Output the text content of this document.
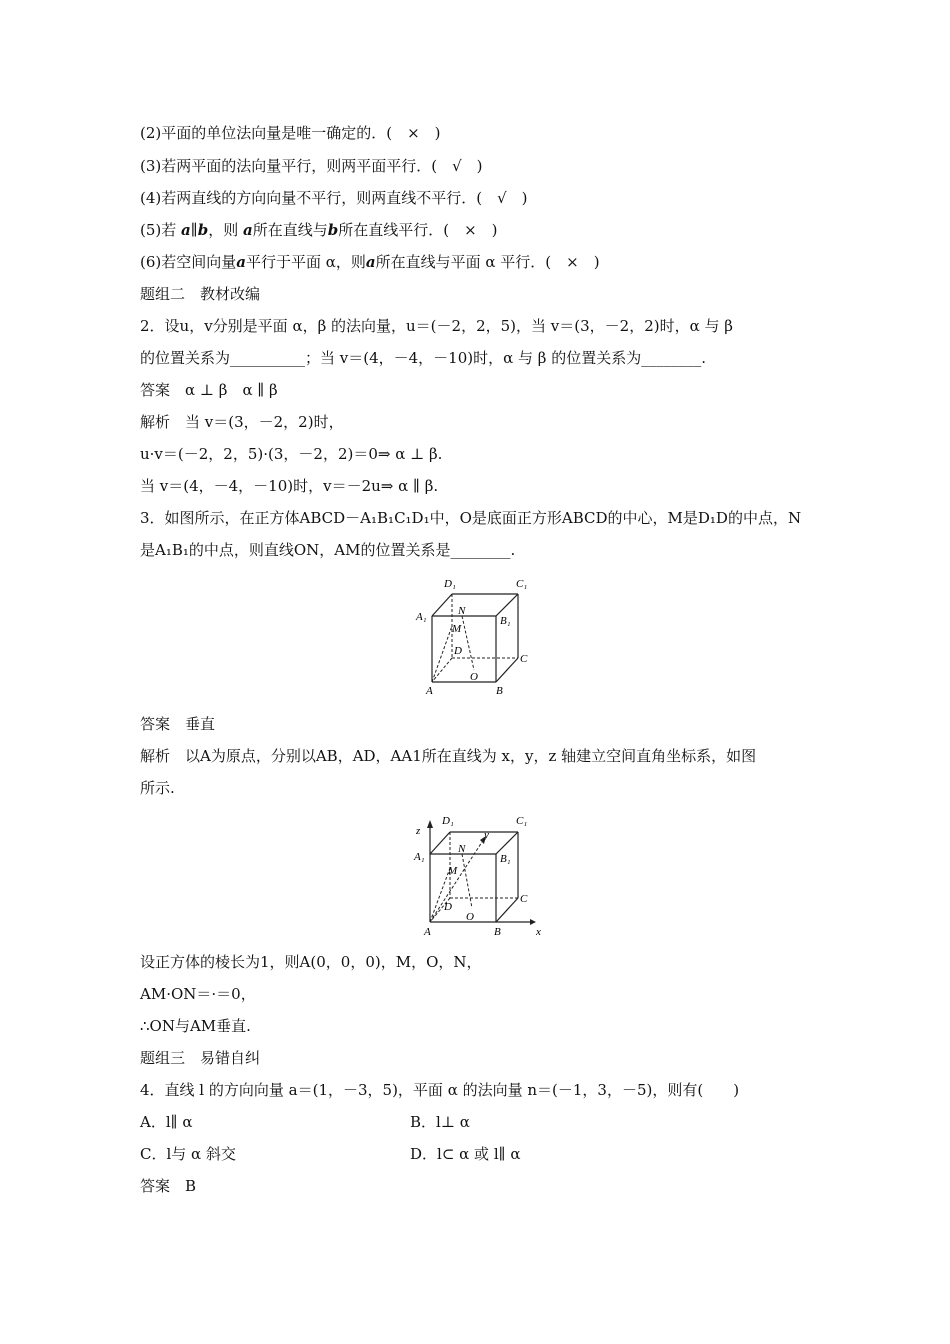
(2)平面的单位法向量是唯一确定的．(　×　)
(3)若两平面的法向量平行，则两平面平行．(　√　)
(4)若两直线的方向向量不平行，则两直线不平行．(　√　)
(5)若 a∥b，则 a所在直线与b所在直线平行．(　×　)
(6)若空间向量a平行于平面 α，则a所在直线与平面 α 平行．(　×　)
题组二　教材改编
2．设u，v分别是平面 α，β 的法向量，u＝(－2，2，5)，当 v＝(3，－2，2)时，α 与 β
的位置关系为__________；当 v＝(4，－4，－10)时，α 与 β 的位置关系为________.
答案　α ⊥ β　α ∥ β
解析　当 v＝(3，－2，2)时，
u·v＝(－2，2，5)·(3，－2，2)＝0⇒ α ⊥ β.
当 v＝(4，－4，－10)时，v＝－2u⇒ α ∥ β.
3．如图所示，在正方体ABCD－A₁B₁C₁D₁中，O是底面正方形ABCD的中心，M是D₁D的中点，N
是A₁B₁的中点，则直线ON，AM的位置关系是________.
D₁	C₁
A₁	B₁
N
M
D
C
O
A	B
答案　垂直
解析　以A为原点，分别以AB，AD，AA1所在直线为 x，y，z 轴建立空间直角坐标系，如图
所示.
z
D₁	C₁
y
A₁
N
B₁
M
C
D
O
A	B	x
设正方体的棱长为1，则A(0，0，0)，M，O，N，
AM·ON＝·＝0，
∴ON与AM垂直.
题组三　易错自纠
4．直线 l 的方向向量 a＝(1，－3，5)，平面 α 的法向量 n＝(－1，3，－5)，则有(　　)
A．l∥ α	B．l⊥ α
C．l与 α 斜交	D．l⊂ α 或 l∥ α
答案　B
